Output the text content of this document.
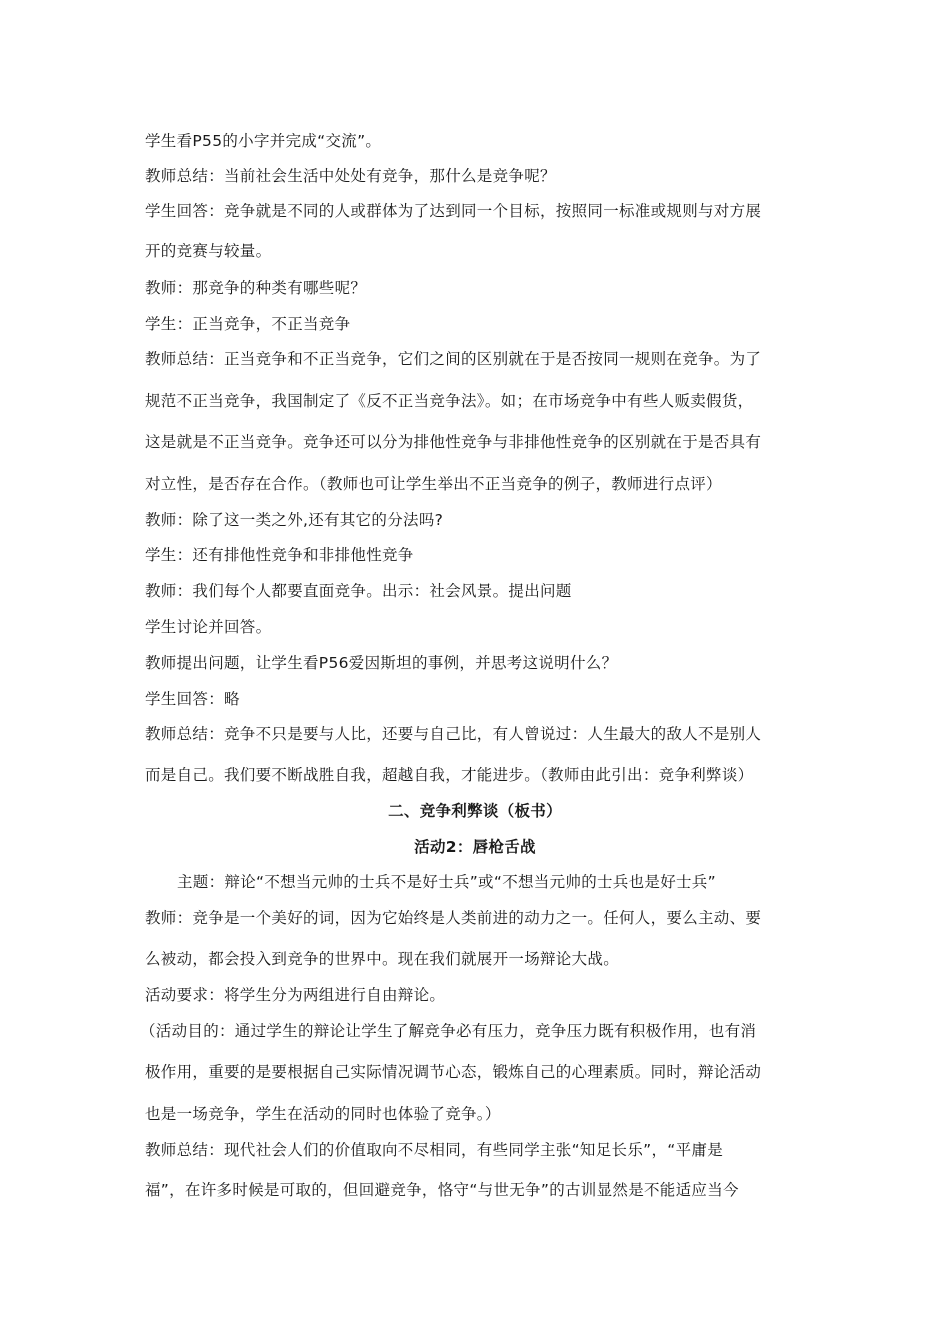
学生看P55的小字并完成“交流”。
教师总结：当前社会生活中处处有竞争，那什么是竞争呢？
学生回答：竞争就是不同的人或群体为了达到同一个目标，按照同一标准或规则与对方展
开的竞赛与较量。
教师：那竞争的种类有哪些呢？
学生：正当竞争，不正当竞争
教师总结：正当竞争和不正当竞争，它们之间的区别就在于是否按同一规则在竞争。为了
规范不正当竞争，我国制定了《反不正当竞争法》。如；在市场竞争中有些人贩卖假货，
这是就是不正当竞争。竞争还可以分为排他性竞争与非排他性竞争的区别就在于是否具有
对立性，是否存在合作。（教师也可让学生举出不正当竞争的例子，教师进行点评）
教师：除了这一类之外,还有其它的分法吗?
学生：还有排他性竞争和非排他性竞争
教师：我们每个人都要直面竞争。出示：社会风景。提出问题
学生讨论并回答。
教师提出问题，让学生看P56爱因斯坦的事例，并思考这说明什么？
学生回答：略
教师总结：竞争不只是要与人比，还要与自己比，有人曾说过：人生最大的敌人不是别人
而是自己。我们要不断战胜自我，超越自我，才能进步。（教师由此引出：竞争利弊谈）
二、竞争利弊谈（板书）
活动2：唇枪舌战
主题：辩论“不想当元帅的士兵不是好士兵”或“不想当元帅的士兵也是好士兵”
教师：竞争是一个美好的词，因为它始终是人类前进的动力之一。任何人，要么主动、要
么被动，都会投入到竞争的世界中。现在我们就展开一场辩论大战。
活动要求：将学生分为两组进行自由辩论。
（活动目的：通过学生的辩论让学生了解竞争必有压力，竞争压力既有积极作用，也有消
极作用，重要的是要根据自己实际情况调节心态，锻炼自己的心理素质。同时，辩论活动
也是一场竞争，学生在活动的同时也体验了竞争。）
教师总结：现代社会人们的价值取向不尽相同，有些同学主张“知足长乐”，“平庸是
福”，在许多时候是可取的，但回避竞争，恪守“与世无争”的古训显然是不能适应当今
